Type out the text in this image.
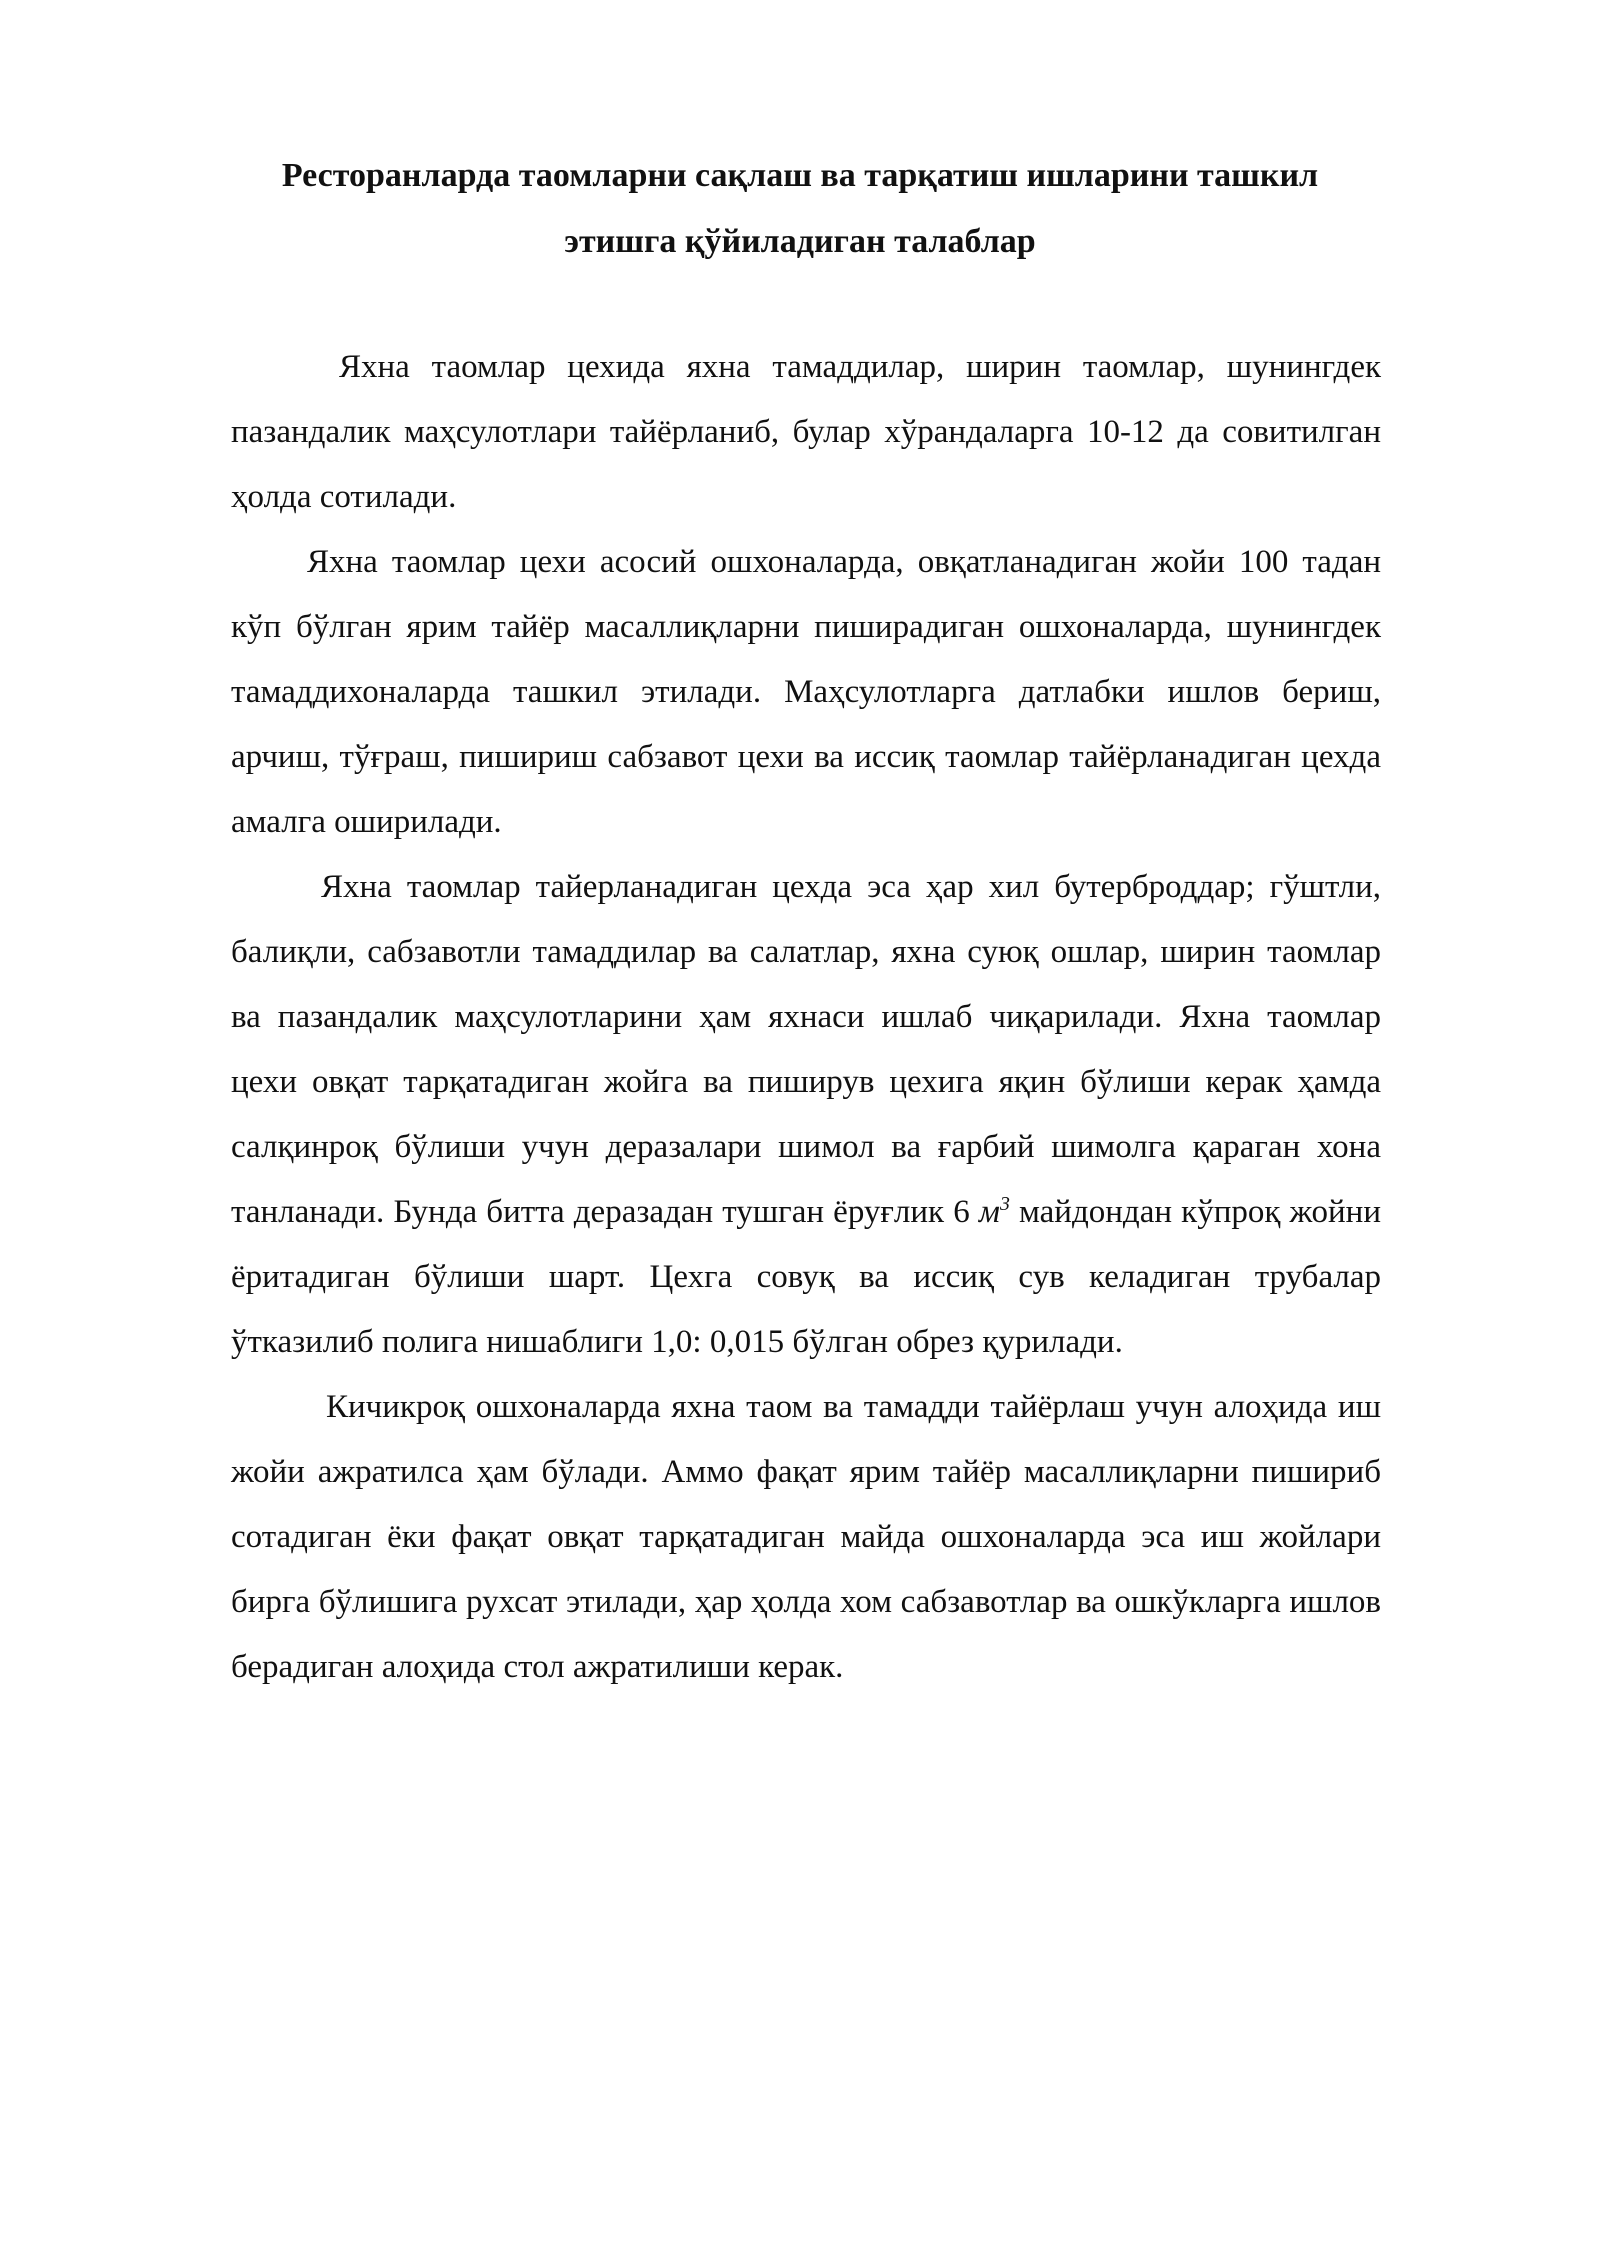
Ресторанларда таомларни сақлаш ва тарқатиш ишларини ташкил
этишга қўйиладиган талаблар

Яхна таомлар цехида яхна тамаддилар, ширин таомлар, шунингдек пазандалик маҳсулотлари тайёрланиб, булар хўрандаларга 10-12 да совитилган ҳолда сотилади.

Яхна таомлар цехи асосий ошхоналарда, овқатланадиган жойи 100 тадан кўп бўлган ярим тайёр масаллиқларни пиширадиган ошхоналарда, шунингдек тамаддихоналарда ташкил этилади. Маҳсулотларга датлабки ишлов бериш, арчиш, тўғраш, пишириш сабзавот цехи ва иссиқ таомлар тайёрланадиган цехда амалга оширилади.

Яхна таомлар тайерланадиган цехда эса ҳар хил бутерброддар; гўштли, балиқли, сабзавотли тамаддилар ва салатлар, яхна суюқ ошлар, ширин таомлар ва пазандалик маҳсулотларини ҳам яхнаси ишлаб чиқарилади. Яхна таомлар цехи овқат тарқатадиган жойга ва пиширув цехига яқин бўлиши керак ҳамда салқинроқ бўлиши учун деразалари шимол ва ғарбий шимолга қараган хона танланади. Бунда битта деразадан тушган ёруғлик 6 $м^3$ майдондан кўпроқ жойни ёритадиган бўлиши шарт. Цехга совуқ ва иссиқ сув келадиган трубалар ўтказилиб полига нишаблиги 1,0: 0,015 бўлган обрез қурилади.

Кичикроқ ошхоналарда яхна таом ва тамадди тайёрлаш учун алоҳида иш жойи ажратилса ҳам бўлади. Аммо фақат ярим тайёр масаллиқларни пишириб сотадиган ёки фақат овқат тарқатадиган майда ошхоналарда эса иш жойлари бирга бўлишига рухсат этилади, ҳар ҳолда хом сабзавотлар ва ошкўкларга ишлов берадиган алоҳида стол ажратилиши керак.
